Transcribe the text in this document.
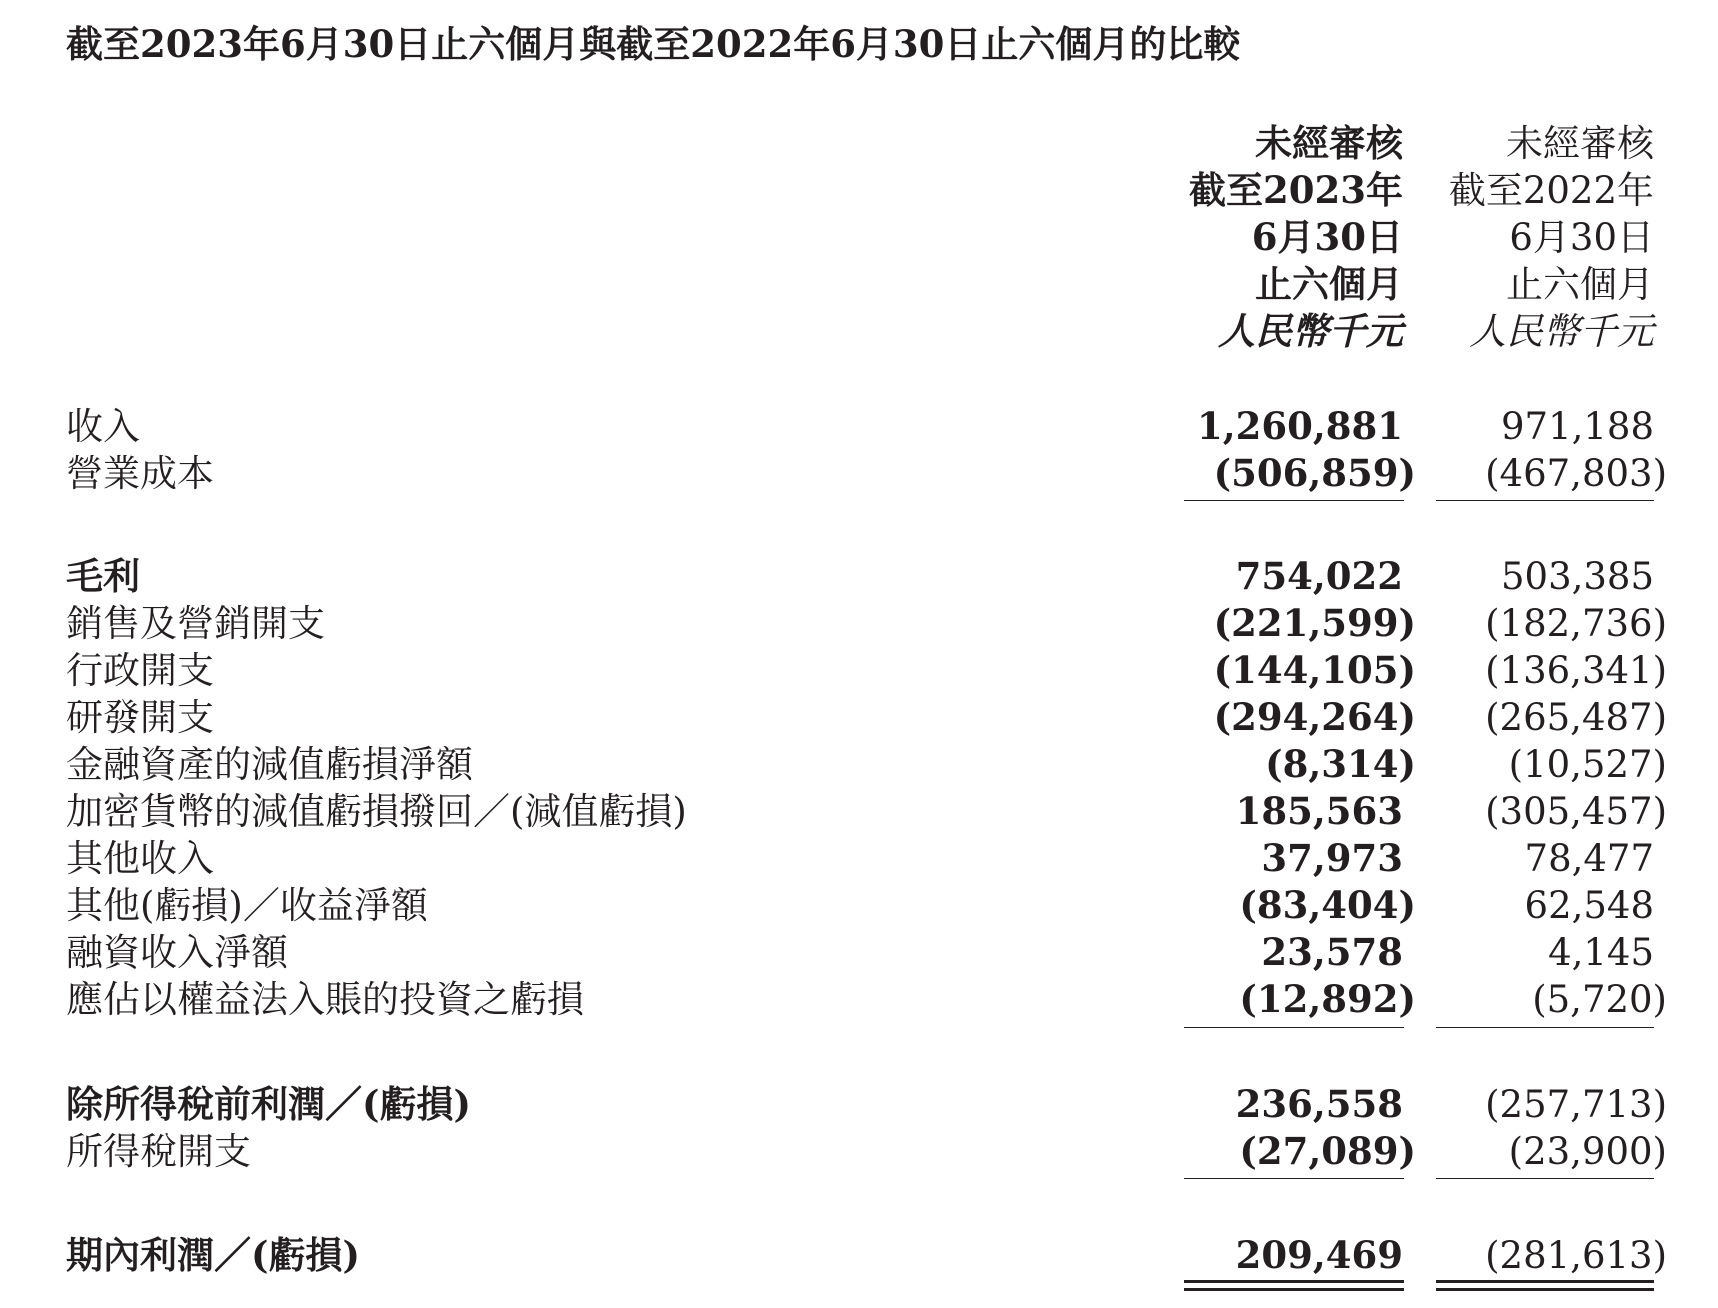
截至2023年6月30日止六個月與截至2022年6月30日止六個月的比較
未經審核
截至2023年
6月30日
止六個月
人民幣千元
未經審核
截至2022年
6月30日
止六個月
人民幣千元
收入	1,260,881	971,188
營業成本	(506,859) (467,803)
毛利	754,022	503,385
銷售及營銷開支	(221,599) (182,736)
行政開支	(144,105) (136,341)
研發開支	(294,264) (265,487)
金融資產的減值虧損淨額	(8,314)	(10,527)
加密貨幣的減值虧損撥回／(減值虧損)	185,563 (305,457)
其他收入	37,973	78,477
其他(虧損)／收益淨額	(83,404)	62,548
融資收入淨額	23,578	4,145
應佔以權益法入賬的投資之虧損	(12,892)	(5,720)
除所得稅前利潤／(虧損)	236,558 (257,713)
所得稅開支	(27,089)	(23,900)
期內利潤／(虧損)	209,469 (281,613)
